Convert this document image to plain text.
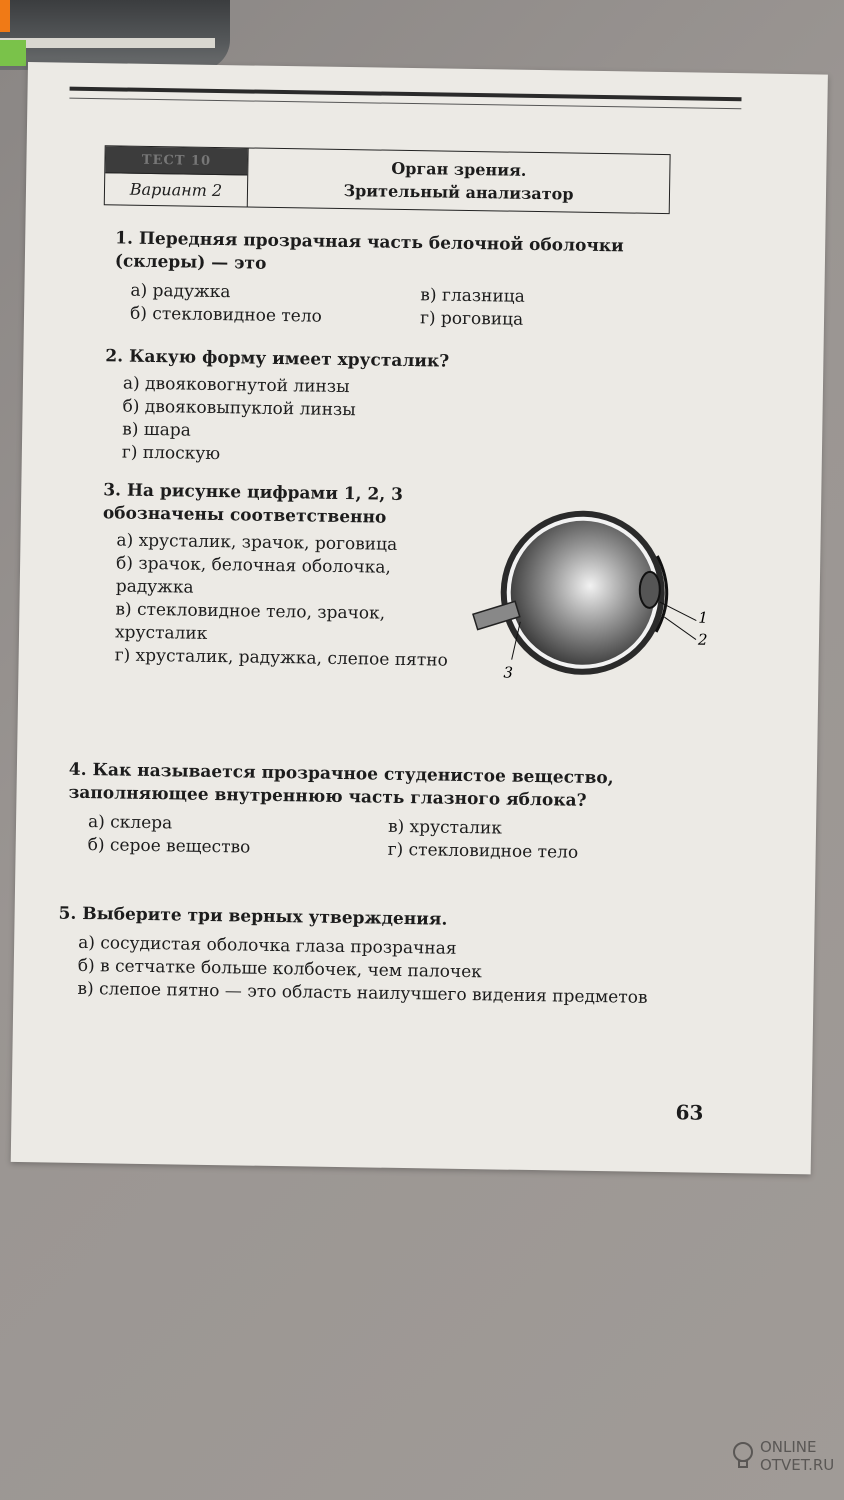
ТЕСТ 10
Вариант 2
Орган зрения.
Зрительный анализатор
1. Передняя прозрачная часть белочной оболочки (склеры) — это
а) радужка	в) глазница
б) стекловидное тело	г) роговица
2. Какую форму имеет хрусталик?
а) двояковогнутой линзы
б) двояковыпуклой линзы
в) шара
г) плоскую
3. На рисунке цифрами 1, 2, 3 обозначены соответственно
а) хрусталик, зрачок, роговица
б) зрачок, белочная оболочка, радужка
в) стекловидное тело, зрачок, хрусталик
г) хрусталик, радужка, слепое пятно
1
2
3
4. Как называется прозрачное студенистое вещество, заполняющее внутреннюю часть глазного яблока?
а) склера	в) хрусталик
б) серое вещество	г) стекловидное тело
5. Выберите три верных утверждения.
а) сосудистая оболочка глаза прозрачная
б) в сетчатке больше колбочек, чем палочек
в) слепое пятно — это область наилучшего видения предметов
63
ONLINE
OTVET.RU
